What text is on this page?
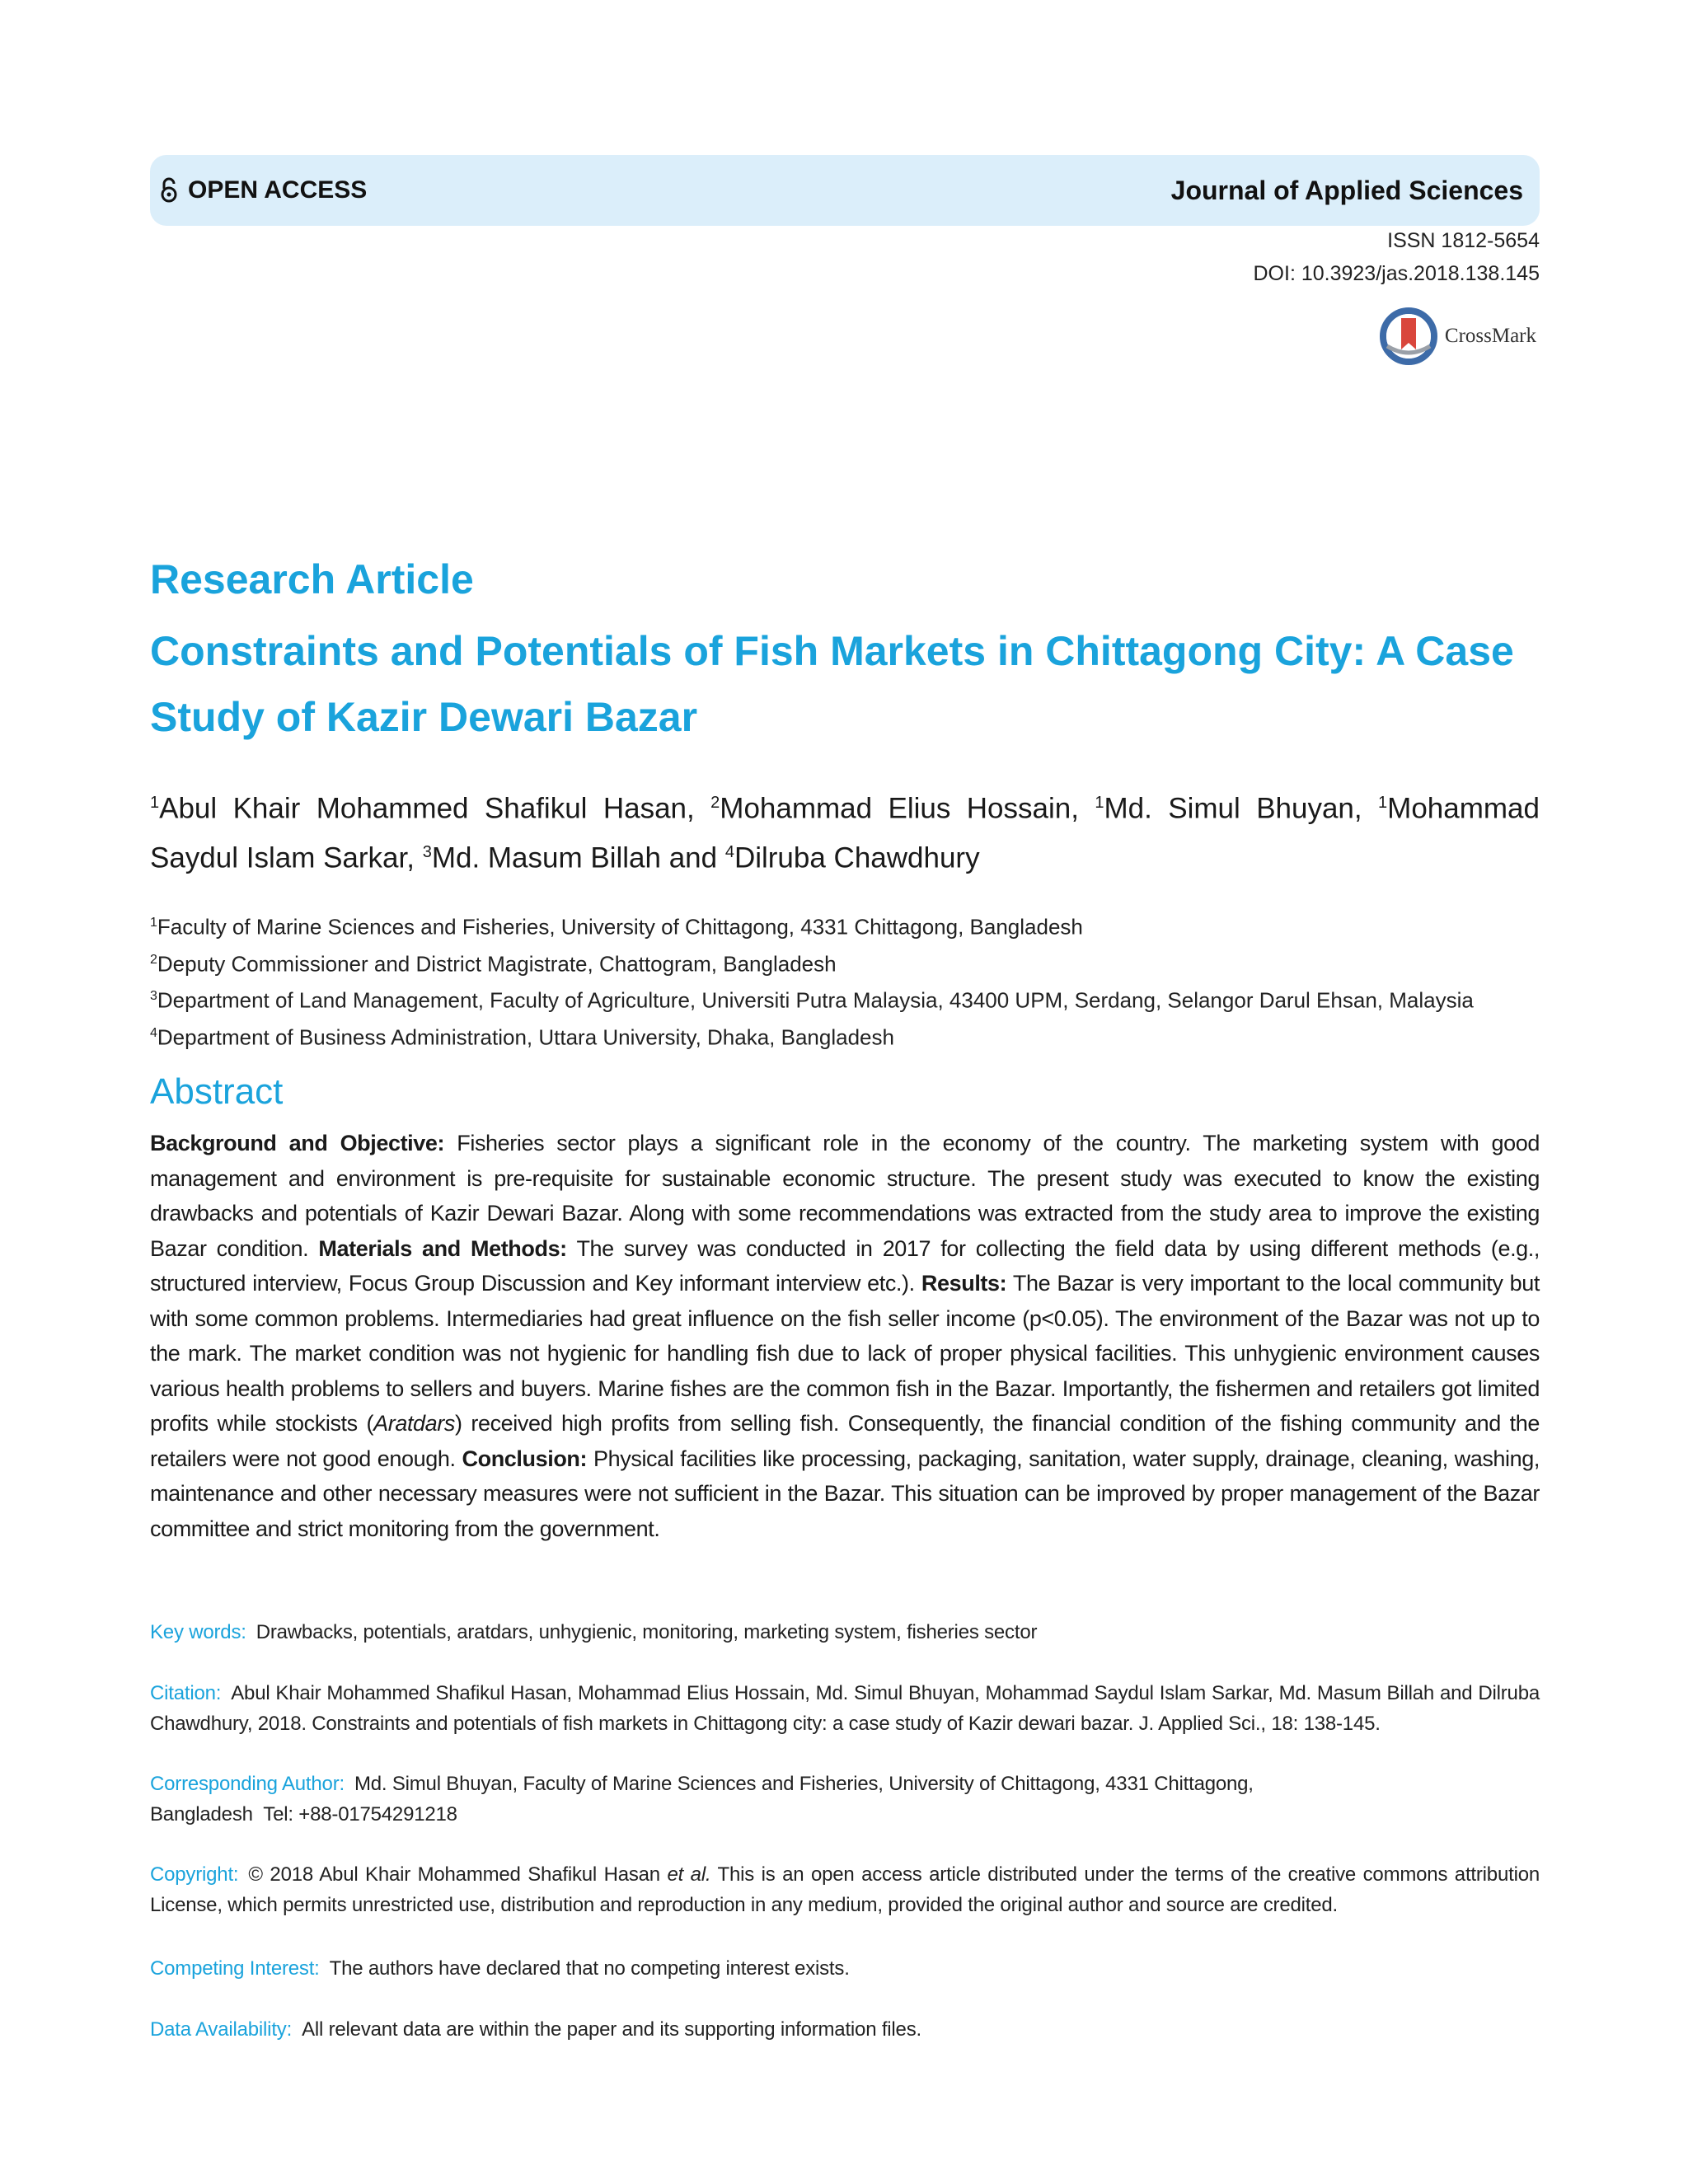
OPEN ACCESS	Journal of Applied Sciences
ISSN 1812-5654
DOI: 10.3923/jas.2018.138.145
CrossMark
Research Article
Constraints and Potentials of Fish Markets in Chittagong City: A Case Study of Kazir Dewari Bazar
$^1$Abul Khair Mohammed Shafikul Hasan, $^2$Mohammad Elius Hossain, $^1$Md. Simul Bhuyan, $^1$Mohammad Saydul Islam Sarkar, $^3$Md. Masum Billah and $^4$Dilruba Chawdhury
$^1$Faculty of Marine Sciences and Fisheries, University of Chittagong, 4331 Chittagong, Bangladesh
$^2$Deputy Commissioner and District Magistrate, Chattogram, Bangladesh
$^3$Department of Land Management, Faculty of Agriculture, Universiti Putra Malaysia, 43400 UPM, Serdang, Selangor Darul Ehsan, Malaysia
$^4$Department of Business Administration, Uttara University, Dhaka, Bangladesh
Abstract
Background and Objective: Fisheries sector plays a significant role in the economy of the country. The marketing system with good management and environment is pre-requisite for sustainable economic structure. The present study was executed to know the existing drawbacks and potentials of Kazir Dewari Bazar. Along with some recommendations was extracted from the study area to improve the existing Bazar condition. Materials and Methods: The survey was conducted in 2017 for collecting the field data by using different methods (e.g., structured interview, Focus Group Discussion and Key informant interview etc.). Results: The Bazar is very important to the local community but with some common problems. Intermediaries had great influence on the fish seller income (p<0.05). The environment of the Bazar was not up to the mark. The market condition was not hygienic for handling fish due to lack of proper physical facilities. This unhygienic environment causes various health problems to sellers and buyers. Marine fishes are the common fish in the Bazar. Importantly, the fishermen and retailers got limited profits while stockists (Aratdars) received high profits from selling fish. Consequently, the financial condition of the fishing community and the retailers were not good enough. Conclusion: Physical facilities like processing, packaging, sanitation, water supply, drainage, cleaning, washing, maintenance and other necessary measures were not sufficient in the Bazar. This situation can be improved by proper management of the Bazar committee and strict monitoring from the government.
Key words: Drawbacks, potentials, aratdars, unhygienic, monitoring, marketing system, fisheries sector
Citation: Abul Khair Mohammed Shafikul Hasan, Mohammad Elius Hossain, Md. Simul Bhuyan, Mohammad Saydul Islam Sarkar, Md. Masum Billah and Dilruba Chawdhury, 2018. Constraints and potentials of fish markets in Chittagong city: a case study of Kazir dewari bazar. J. Applied Sci., 18: 138-145.
Corresponding Author: Md. Simul Bhuyan, Faculty of Marine Sciences and Fisheries, University of Chittagong, 4331 Chittagong,
Bangladesh  Tel: +88-01754291218
Copyright: © 2018 Abul Khair Mohammed Shafikul Hasan et al. This is an open access article distributed under the terms of the creative commons attribution License, which permits unrestricted use, distribution and reproduction in any medium, provided the original author and source are credited.
Competing Interest: The authors have declared that no competing interest exists.
Data Availability: All relevant data are within the paper and its supporting information files.
